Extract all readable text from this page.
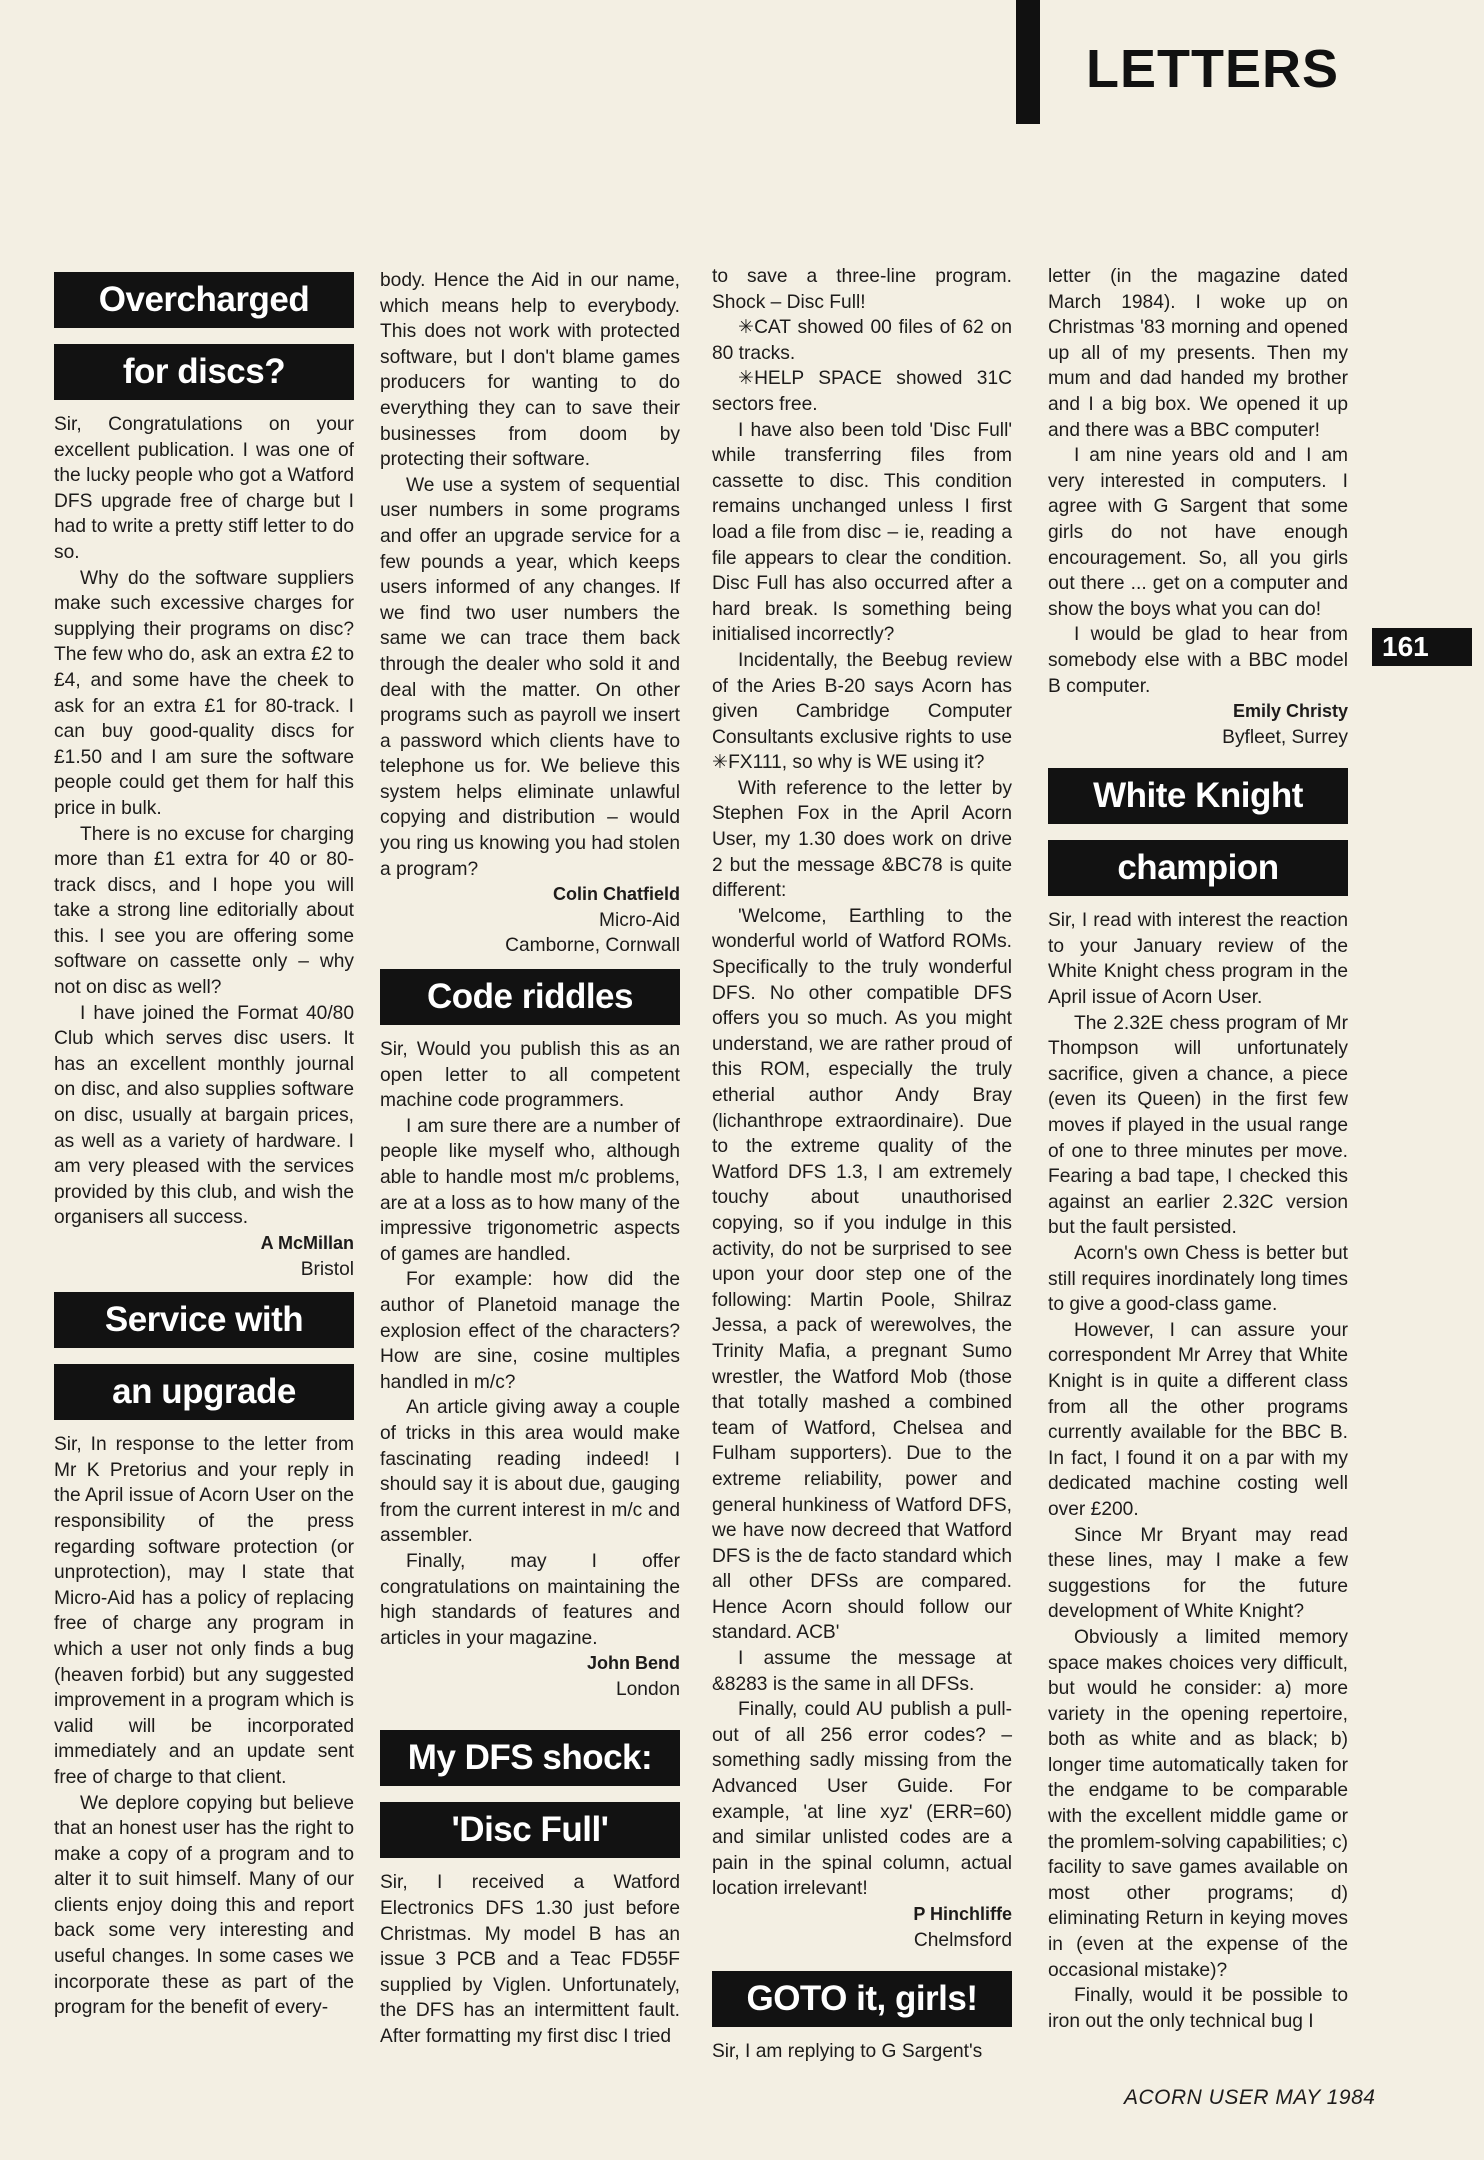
LETTERS
161
Overcharged
for discs?

Sir, Congratulations on your excellent publication. I was one of the lucky people who got a Watford DFS upgrade free of charge but I had to write a pretty stiff letter to do so.

Why do the software suppliers make such excessive charges for supplying their programs on disc? The few who do, ask an extra £2 to £4, and some have the cheek to ask for an extra £1 for 80-track. I can buy good-quality discs for £1.50 and I am sure the software people could get them for half this price in bulk.

There is no excuse for charging more than £1 extra for 40 or 80-track discs, and I hope you will take a strong line editorially about this. I see you are offering some software on cassette only – why not on disc as well?

I have joined the Format 40/80 Club which serves disc users. It has an excellent monthly journal on disc, and also supplies software on disc, usually at bargain prices, as well as a variety of hardware. I am very pleased with the services provided by this club, and wish the organisers all success.

A McMillan
Bristol
Service with
an upgrade

Sir, In response to the letter from Mr K Pretorius and your reply in the April issue of Acorn User on the responsibility of the press regarding software protection (or unprotection), may I state that Micro-Aid has a policy of replacing free of charge any program in which a user not only finds a bug (heaven forbid) but any suggested improvement in a program which is valid will be incorporated immediately and an update sent free of charge to that client.

We deplore copying but believe that an honest user has the right to make a copy of a program and to alter it to suit himself. Many of our clients enjoy doing this and report back some very interesting and useful changes. In some cases we incorporate these as part of the program for the benefit of every-

body. Hence the Aid in our name, which means help to everybody. This does not work with protected software, but I don't blame games producers for wanting to do everything they can to save their businesses from doom by protecting their software.

We use a system of sequential user numbers in some programs and offer an upgrade service for a few pounds a year, which keeps users informed of any changes. If we find two user numbers the same we can trace them back through the dealer who sold it and deal with the matter. On other programs such as payroll we insert a password which clients have to telephone us for. We believe this system helps eliminate unlawful copying and distribution – would you ring us knowing you had stolen a program?

Colin Chatfield
Micro-Aid
Camborne, Cornwall
Code riddles

Sir, Would you publish this as an open letter to all competent machine code programmers.

I am sure there are a number of people like myself who, although able to handle most m/c problems, are at a loss as to how many of the impressive trigonometric aspects of games are handled.

For example: how did the author of Planetoid manage the explosion effect of the characters? How are sine, cosine multiples handled in m/c?

An article giving away a couple of tricks in this area would make fascinating reading indeed! I should say it is about due, gauging from the current interest in m/c and assembler.

Finally, may I offer congratulations on maintaining the high standards of features and articles in your magazine.

John Bend
London
My DFS shock:
'Disc Full'

Sir, I received a Watford Electronics DFS 1.30 just before Christmas. My model B has an issue 3 PCB and a Teac FD55F supplied by Viglen. Unfortunately, the DFS has an intermittent fault. After formatting my first disc I tried

to save a three-line program. Shock – Disc Full!

✳CAT showed 00 files of 62 on 80 tracks.

✳HELP SPACE showed 31C sectors free.

I have also been told 'Disc Full' while transferring files from cassette to disc. This condition remains unchanged unless I first load a file from disc – ie, reading a file appears to clear the condition. Disc Full has also occurred after a hard break. Is something being initialised incorrectly?

Incidentally, the Beebug review of the Aries B-20 says Acorn has given Cambridge Computer Consultants exclusive rights to use ✳FX111, so why is WE using it?

With reference to the letter by Stephen Fox in the April Acorn User, my 1.30 does work on drive 2 but the message &BC78 is quite different:

'Welcome, Earthling to the wonderful world of Watford ROMs. Specifically to the truly wonderful DFS. No other compatible DFS offers you so much. As you might understand, we are rather proud of this ROM, especially the truly etherial author Andy Bray (lichanthrope extraordinaire). Due to the extreme quality of the Watford DFS 1.3, I am extremely touchy about unauthorised copying, so if you indulge in this activity, do not be surprised to see upon your door step one of the following: Martin Poole, Shilraz Jessa, a pack of werewolves, the Trinity Mafia, a pregnant Sumo wrestler, the Watford Mob (those that totally mashed a combined team of Watford, Chelsea and Fulham supporters). Due to the extreme reliability, power and general hunkiness of Watford DFS, we have now decreed that Watford DFS is the de facto standard which all other DFSs are compared. Hence Acorn should follow our standard. ACB'

I assume the message at &8283 is the same in all DFSs.

Finally, could AU publish a pull-out of all 256 error codes? – something sadly missing from the Advanced User Guide. For example, 'at line xyz' (ERR=60) and similar unlisted codes are a pain in the spinal column, actual location irrelevant!

P Hinchliffe
Chelmsford
GOTO it, girls!

Sir, I am replying to G Sargent's

letter (in the magazine dated March 1984). I woke up on Christmas '83 morning and opened up all of my presents. Then my mum and dad handed my brother and I a big box. We opened it up and there was a BBC computer!

I am nine years old and I am very interested in computers. I agree with G Sargent that some girls do not have enough encouragement. So, all you girls out there ... get on a computer and show the boys what you can do!

I would be glad to hear from somebody else with a BBC model B computer.

Emily Christy
Byfleet, Surrey
White Knight
champion

Sir, I read with interest the reaction to your January review of the White Knight chess program in the April issue of Acorn User.

The 2.32E chess program of Mr Thompson will unfortunately sacrifice, given a chance, a piece (even its Queen) in the first few moves if played in the usual range of one to three minutes per move. Fearing a bad tape, I checked this against an earlier 2.32C version but the fault persisted.

Acorn's own Chess is better but still requires inordinately long times to give a good-class game.

However, I can assure your correspondent Mr Arrey that White Knight is in quite a different class from all the other programs currently available for the BBC B. In fact, I found it on a par with my dedicated machine costing well over £200.

Since Mr Bryant may read these lines, may I make a few suggestions for the future development of White Knight?

Obviously a limited memory space makes choices very difficult, but would he consider: a) more variety in the opening repertoire, both as white and as black; b) longer time automatically taken for the endgame to be comparable with the excellent middle game or the promlem-solving capabilities; c) facility to save games available on most other programs; d) eliminating Return in keying moves in (even at the expense of the occasional mistake)?

Finally, would it be possible to iron out the only technical bug I

ACORN USER MAY 1984
